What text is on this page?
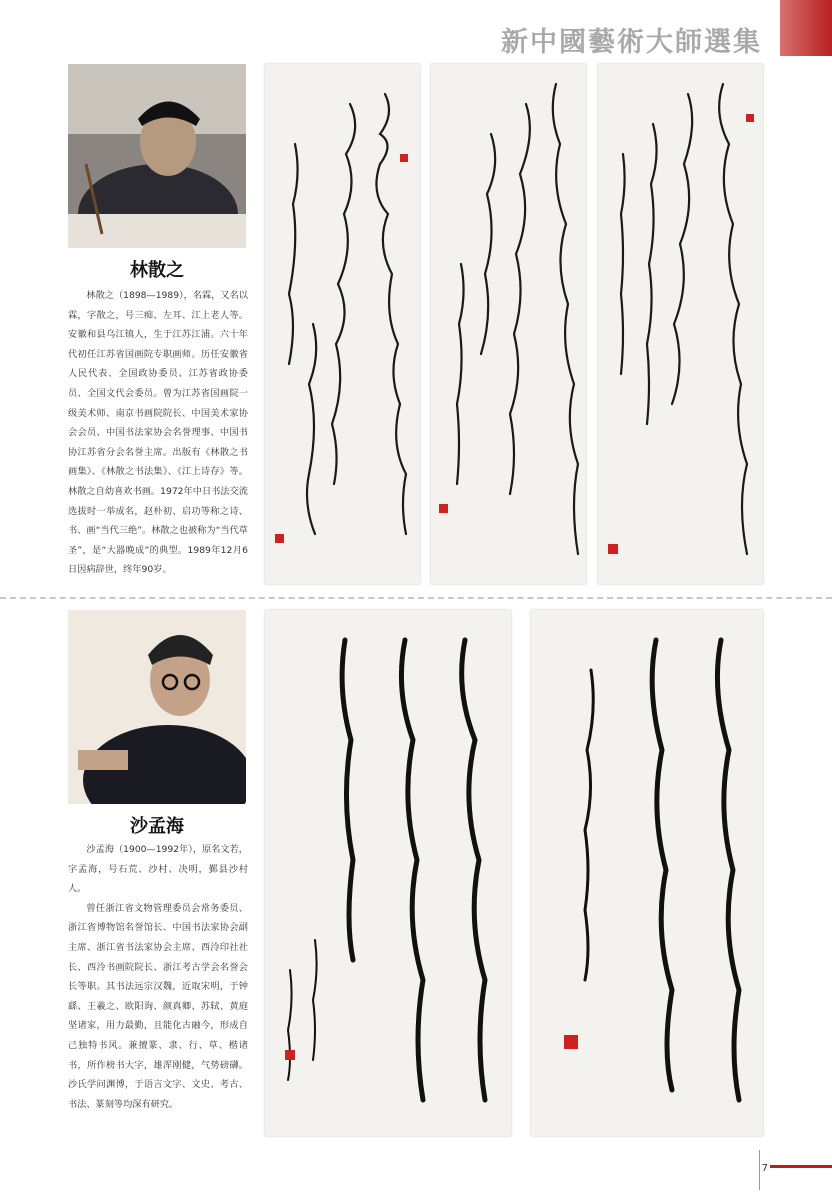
新中國藝術大師選集
林散之

林散之（1898—1989），名霖，又名以霖，字散之，号三痴、左耳、江上老人等。安徽和县乌江镇人，生于江苏江浦。六十年代初任江苏省国画院专职画师。历任安徽省人民代表、全国政协委员、江苏省政协委员、全国文代会委员。曾为江苏省国画院一级美术师、南京书画院院长、中国美术家协会会员、中国书法家协会名誉理事、中国书协江苏省分会名誉主席。出版有《林散之书画集》、《林散之书法集》、《江上诗存》等。林散之自幼喜欢书画。1972年中日书法交流选拔时一举成名，赵朴初、启功等称之诗、书、画“当代三绝”。林散之也被称为“当代草圣”，是“大器晚成”的典型。1989年12月6日因病辞世，终年90岁。

沙孟海

沙孟海（1900—1992年），原名文若，字孟海，号石荒、沙村、决明，鄞县沙村人。

曾任浙江省文物管理委员会常务委员、浙江省博物馆名誉馆长、中国书法家协会副主席、浙江省书法家协会主席、西泠印社社长、西泠书画院院长、浙江考古学会名誉会长等职。其书法远宗汉魏，近取宋明，于钟繇、王羲之、欧阳询、颜真卿、苏轼、黄庭坚诸家，用力最勤，且能化古融今，形成自己独特书风。兼擅篆、隶、行、草、楷诸书，所作榜书大字，雄浑刚健，气势磅礴。沙氏学问渊博，于语言文字、文史、考古、书法、篆刻等均深有研究。

7
